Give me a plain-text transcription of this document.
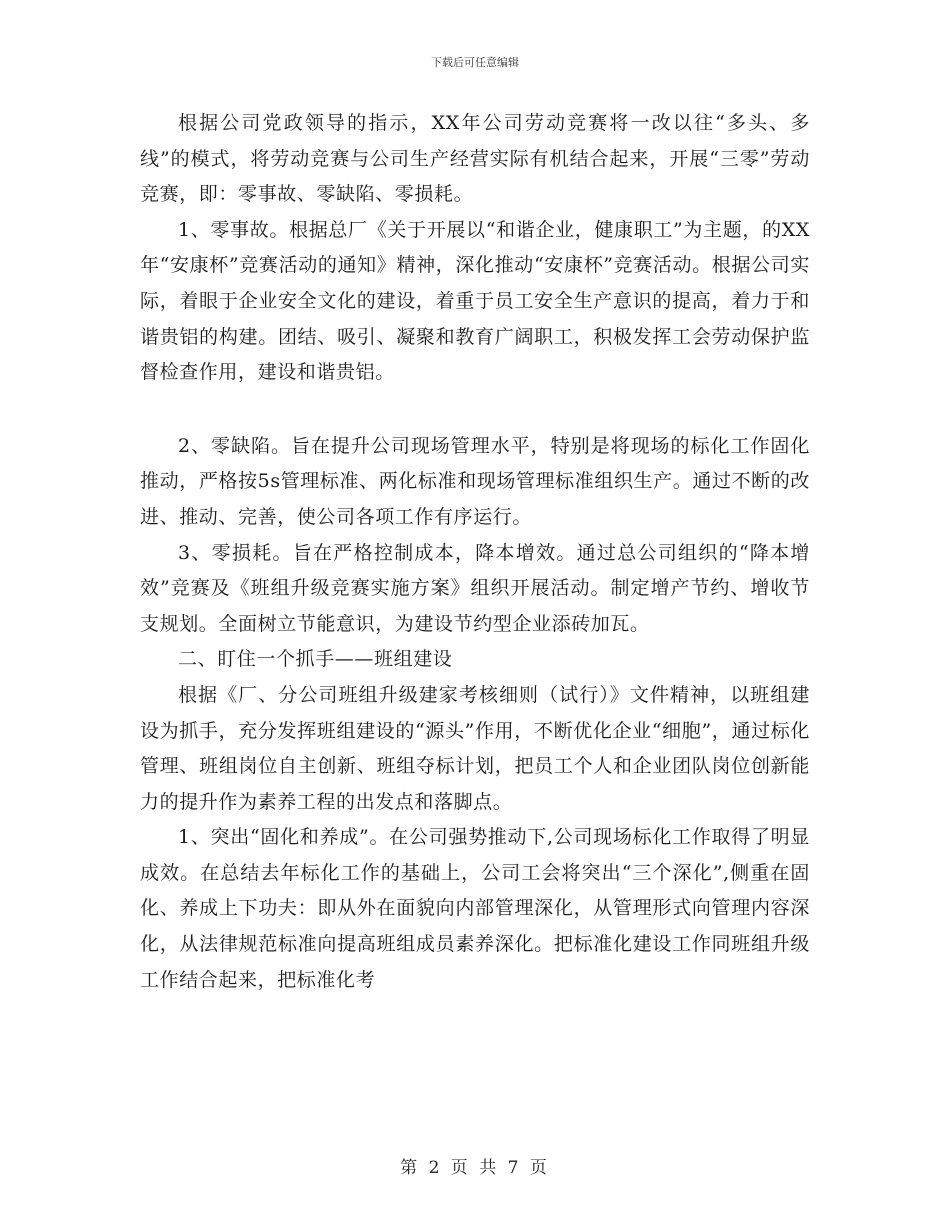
下载后可任意编辑

根据公司党政领导的指示，XX年公司劳动竞赛将一改以往“多头、多线”的模式，将劳动竞赛与公司生产经营实际有机结合起来，开展“三零”劳动竞赛，即：零事故、零缺陷、零损耗。

1、零事故。根据总厂《关于开展以“和谐企业，健康职工”为主题，的XX年“安康杯”竞赛活动的通知》精神，深化推动“安康杯”竞赛活动。根据公司实际，着眼于企业安全文化的建设，着重于员工安全生产意识的提高，着力于和谐贵铝的构建。团结、吸引、凝聚和教育广阔职工，积极发挥工会劳动保护监督检查作用，建设和谐贵铝。

2、零缺陷。旨在提升公司现场管理水平，特别是将现场的标化工作固化推动，严格按5s管理标准、两化标准和现场管理标准组织生产。通过不断的改进、推动、完善，使公司各项工作有序运行。

3、零损耗。旨在严格控制成本，降本增效。通过总公司组织的“降本增效”竞赛及《班组升级竞赛实施方案》组织开展活动。制定增产节约、增收节支规划。全面树立节能意识，为建设节约型企业添砖加瓦。

二、盯住一个抓手——班组建设

根据《厂、分公司班组升级建家考核细则（试行）》文件精神，以班组建设为抓手，充分发挥班组建设的“源头”作用，不断优化企业“细胞”，通过标化管理、班组岗位自主创新、班组夺标计划，把员工个人和企业团队岗位创新能力的提升作为素养工程的出发点和落脚点。

1、突出“固化和养成”。在公司强势推动下,公司现场标化工作取得了明显成效。在总结去年标化工作的基础上，公司工会将突出“三个深化”,侧重在固化、养成上下功夫：即从外在面貌向内部管理深化，从管理形式向管理内容深化，从法律规范标准向提高班组成员素养深化。把标准化建设工作同班组升级工作结合起来，把标准化考

第 2 页 共 7 页
